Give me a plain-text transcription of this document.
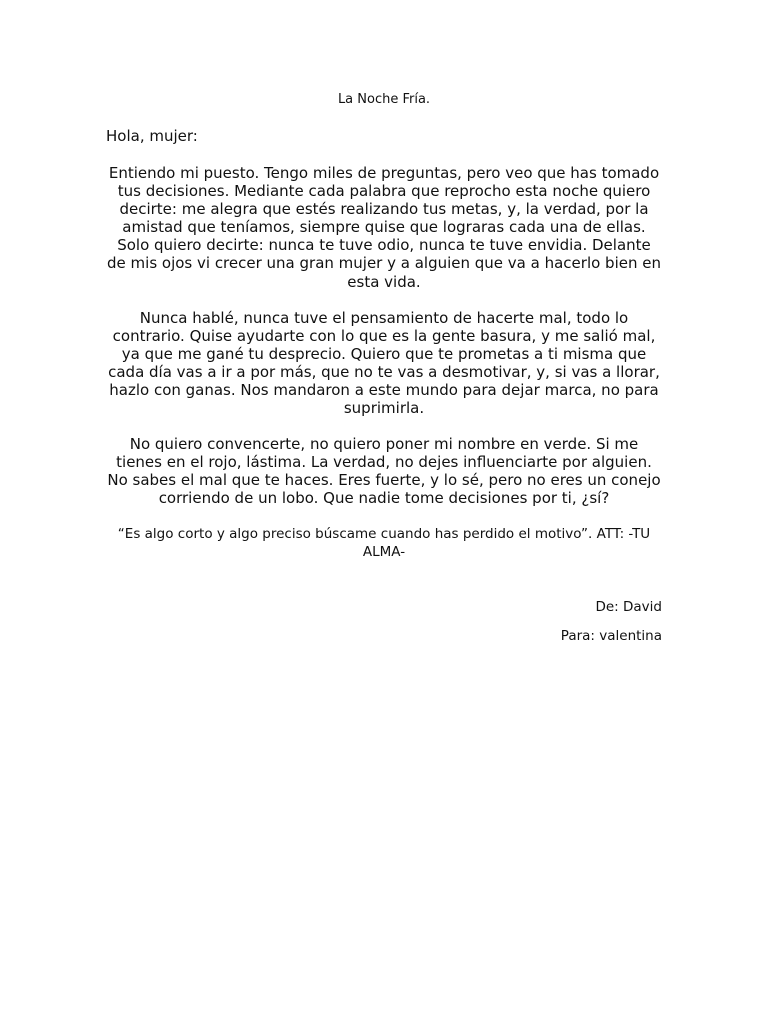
La Noche Fría.
Hola, mujer:

Entiendo mi puesto. Tengo miles de preguntas, pero veo que has tomado tus decisiones. Mediante cada palabra que reprocho esta noche quiero decirte: me alegra que estés realizando tus metas, y, la verdad, por la amistad que teníamos, siempre quise que lograras cada una de ellas. Solo quiero decirte: nunca te tuve odio, nunca te tuve envidia. Delante de mis ojos vi crecer una gran mujer y a alguien que va a hacerlo bien en esta vida.

Nunca hablé, nunca tuve el pensamiento de hacerte mal, todo lo contrario. Quise ayudarte con lo que es la gente basura, y me salió mal, ya que me gané tu desprecio. Quiero que te prometas a ti misma que cada día vas a ir a por más, que no te vas a desmotivar, y, si vas a llorar, hazlo con ganas. Nos mandaron a este mundo para dejar marca, no para suprimirla.

No quiero convencerte, no quiero poner mi nombre en verde. Si me tienes en el rojo, lástima. La verdad, no dejes influenciarte por alguien. No sabes el mal que te haces. Eres fuerte, y lo sé, pero no eres un conejo corriendo de un lobo. Que nadie tome decisiones por ti, ¿sí?

“Es algo corto y algo preciso búscame cuando has perdido el motivo”. ATT: -TU ALMA-

De: David
Para: valentina
